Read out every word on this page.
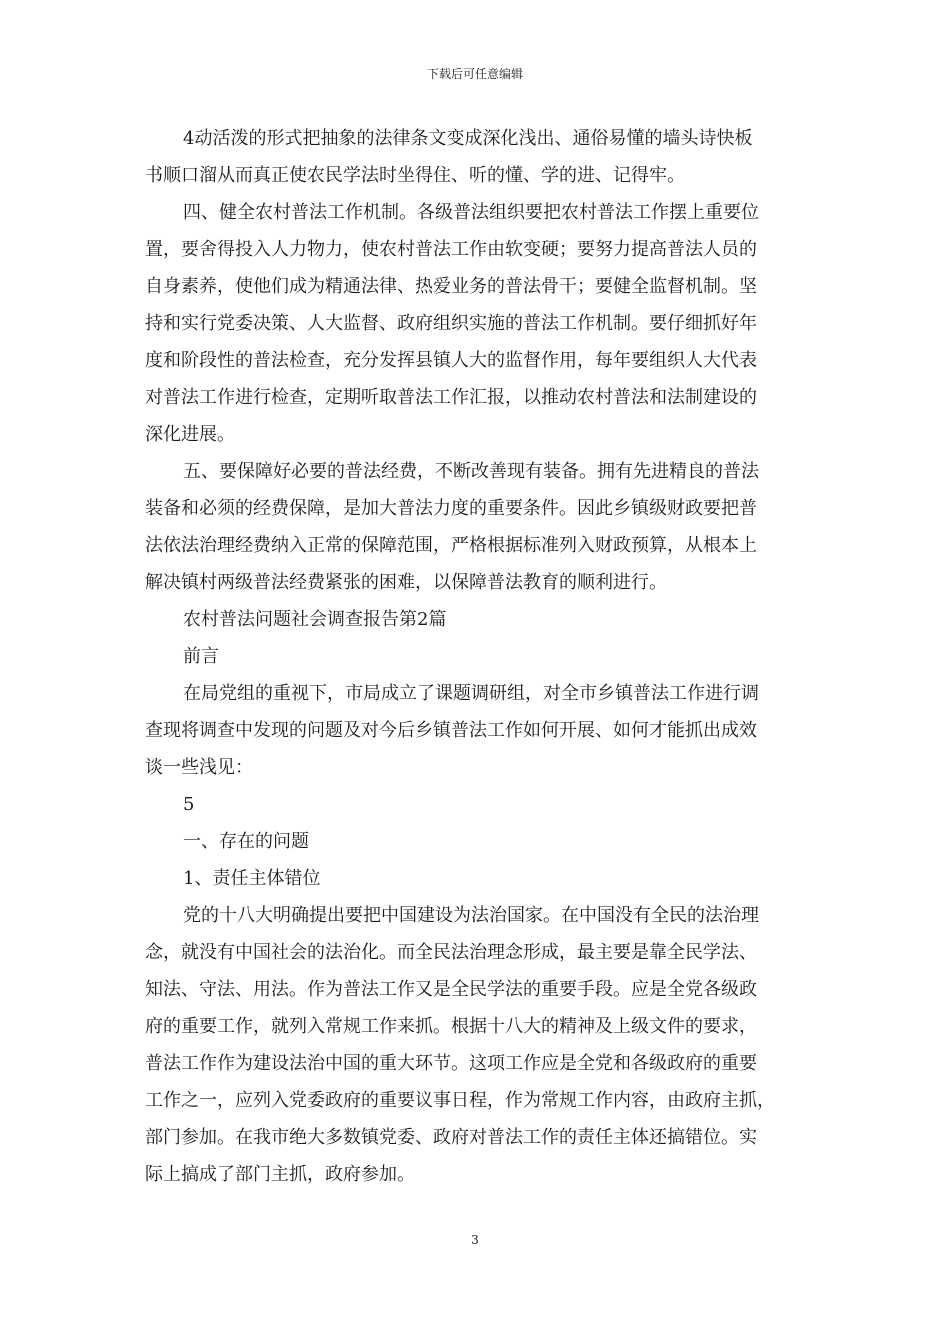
下载后可任意编辑

4动活泼的形式把抽象的法律条文变成深化浅出、通俗易懂的墙头诗快板
书顺口溜从而真正使农民学法时坐得住、听的懂、学的进、记得牢。

四、健全农村普法工作机制。各级普法组织要把农村普法工作摆上重要位
置，要舍得投入人力物力，使农村普法工作由软变硬；要努力提高普法人员的
自身素养，使他们成为精通法律、热爱业务的普法骨干；要健全监督机制。坚
持和实行党委决策、人大监督、政府组织实施的普法工作机制。要仔细抓好年
度和阶段性的普法检查，充分发挥县镇人大的监督作用，每年要组织人大代表
对普法工作进行检查，定期听取普法工作汇报，以推动农村普法和法制建设的
深化进展。

五、要保障好必要的普法经费，不断改善现有装备。拥有先进精良的普法
装备和必须的经费保障，是加大普法力度的重要条件。因此乡镇级财政要把普
法依法治理经费纳入正常的保障范围，严格根据标准列入财政预算，从根本上
解决镇村两级普法经费紧张的困难，以保障普法教育的顺利进行。

农村普法问题社会调查报告第2篇

前言

在局党组的重视下，市局成立了课题调研组，对全市乡镇普法工作进行调
查现将调查中发现的问题及对今后乡镇普法工作如何开展、如何才能抓出成效
谈一些浅见：

5

一、存在的问题

1、责任主体错位

党的十八大明确提出要把中国建设为法治国家。在中国没有全民的法治理
念，就没有中国社会的法治化。而全民法治理念形成，最主要是靠全民学法、
知法、守法、用法。作为普法工作又是全民学法的重要手段。应是全党各级政
府的重要工作，就列入常规工作来抓。根据十八大的精神及上级文件的要求，
普法工作作为建设法治中国的重大环节。这项工作应是全党和各级政府的重要
工作之一，应列入党委政府的重要议事日程，作为常规工作内容，由政府主抓，
部门参加。在我市绝大多数镇党委、政府对普法工作的责任主体还搞错位。实
际上搞成了部门主抓，政府参加。

3
